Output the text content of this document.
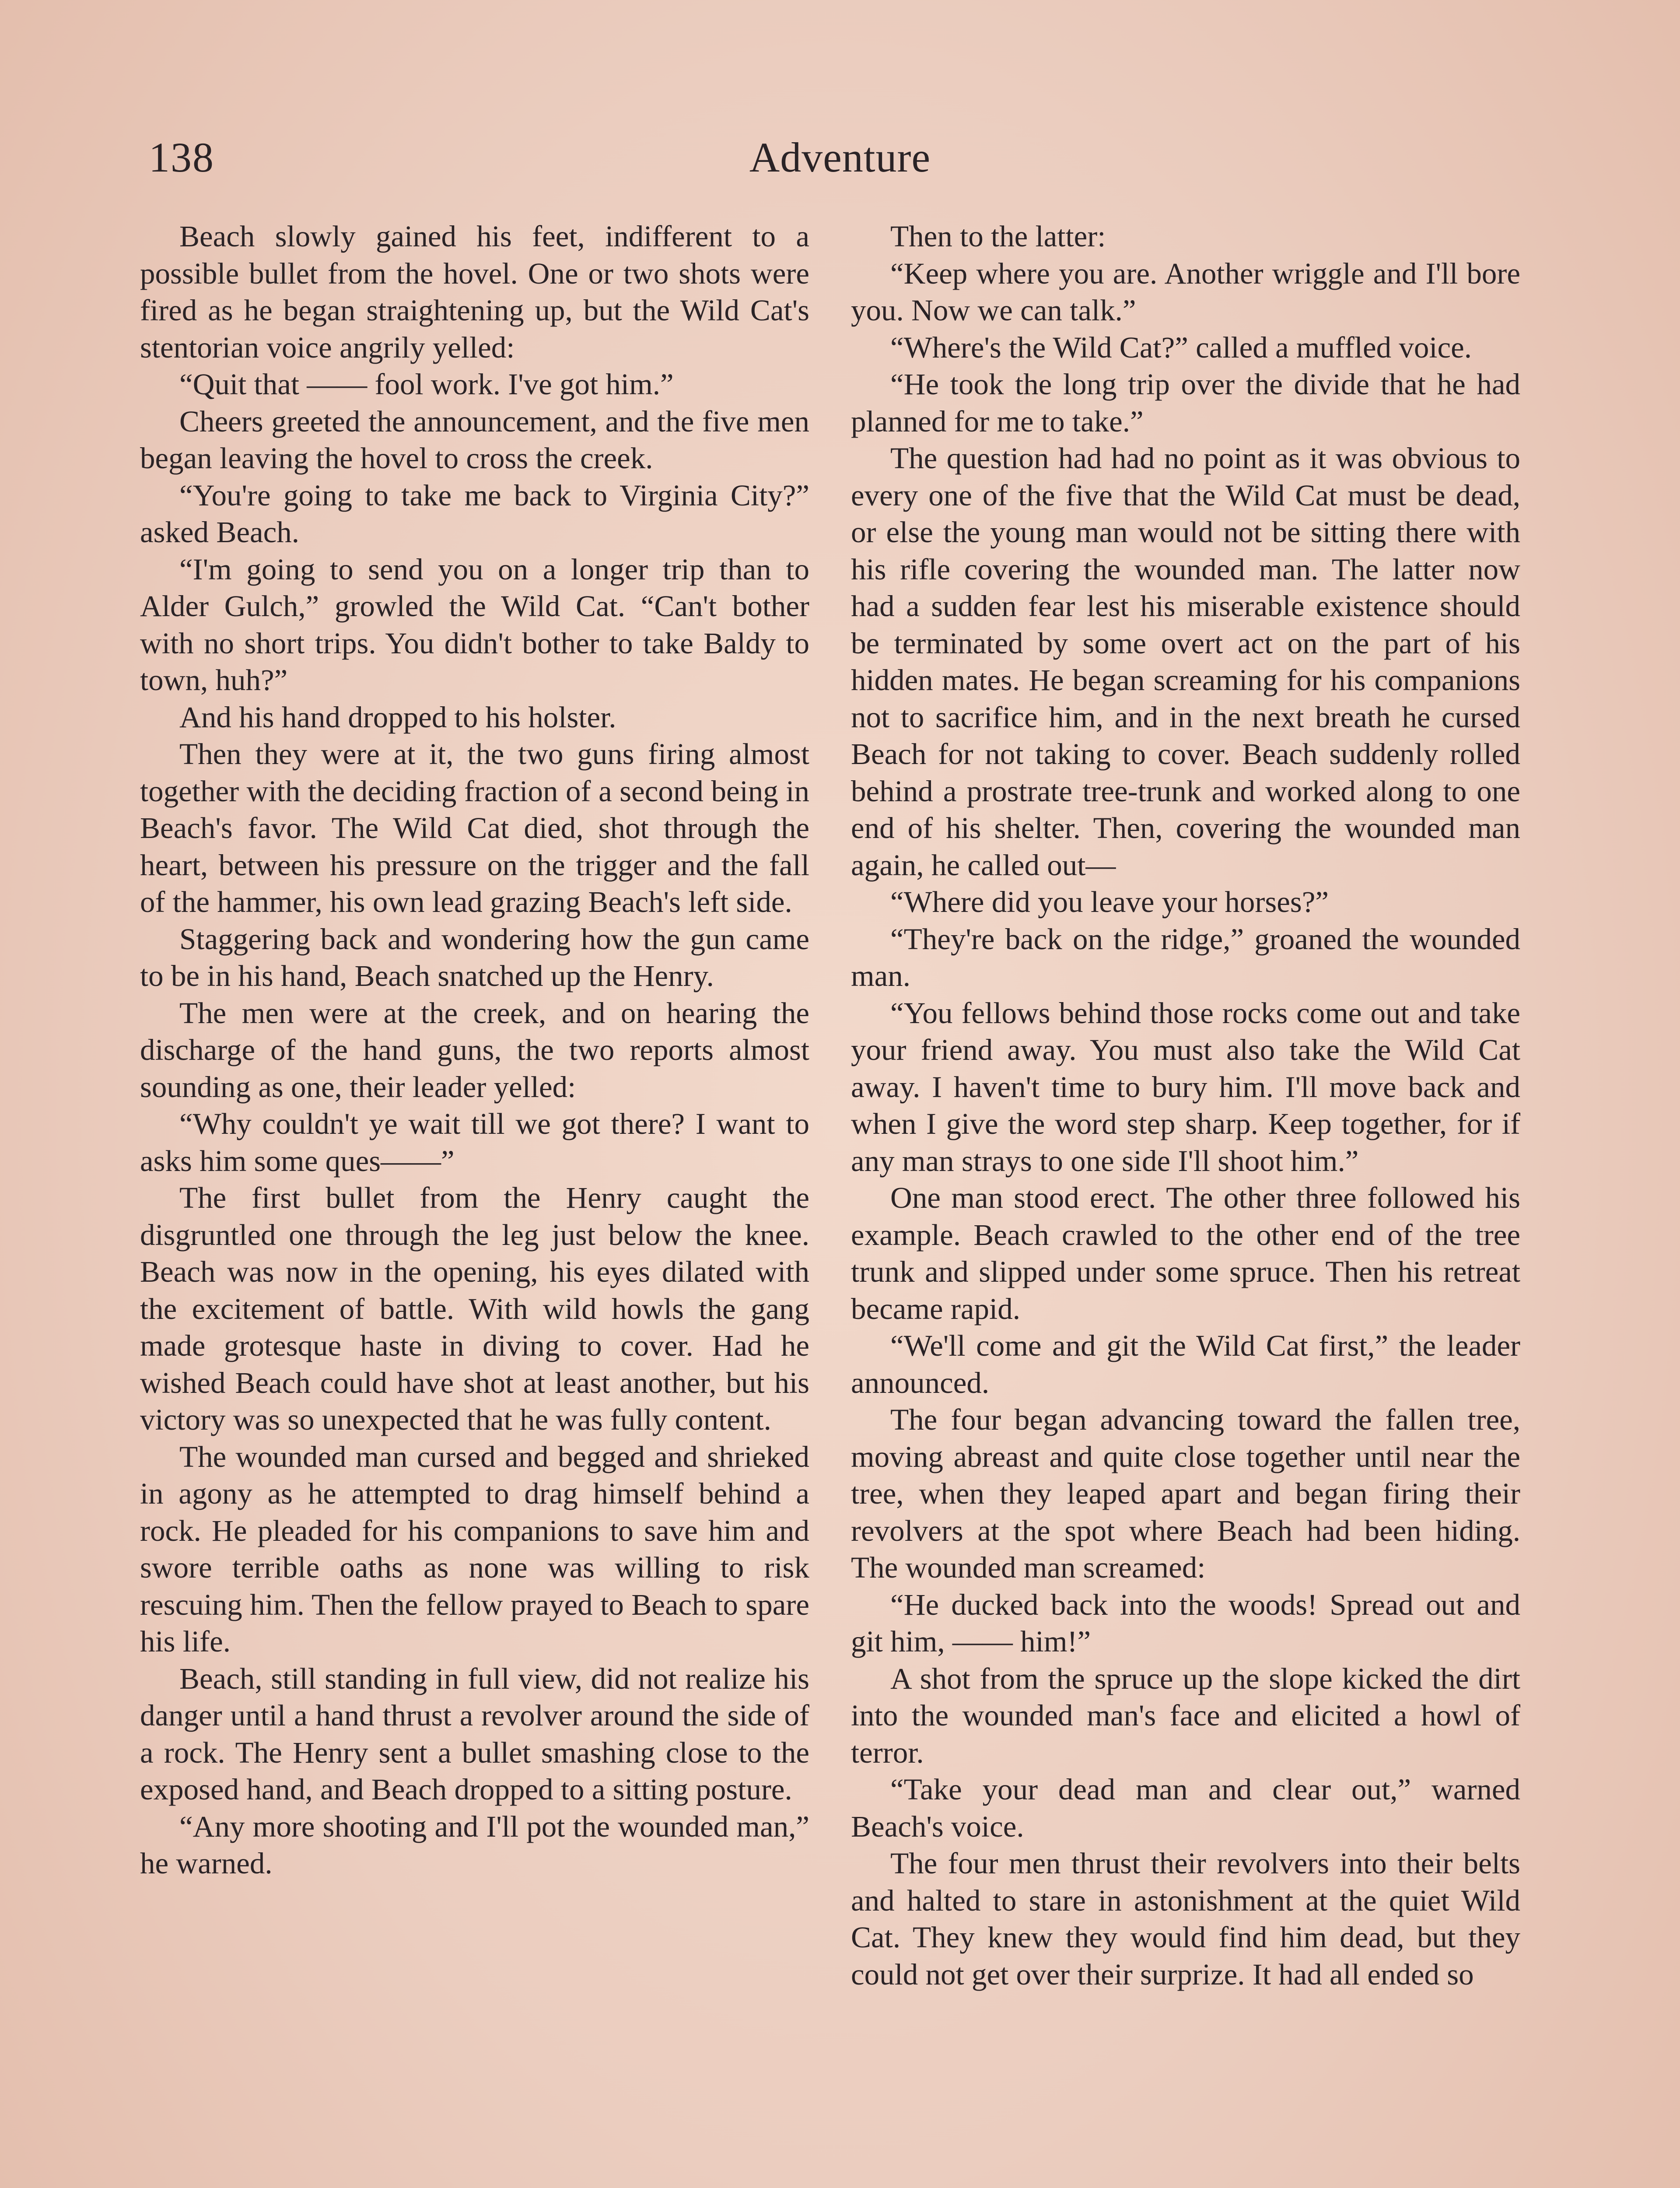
138	Adventure

Beach slowly gained his feet, indifferent to a possible bullet from the hovel. One or two shots were fired as he began straightening up, but the Wild Cat's stentorian voice angrily yelled:

“Quit that —— fool work. I've got him.”

Cheers greeted the announcement, and the five men began leaving the hovel to cross the creek.

“You're going to take me back to Virginia City?” asked Beach.

“I'm going to send you on a longer trip than to Alder Gulch,” growled the Wild Cat. “Can't bother with no short trips. You didn't bother to take Baldy to town, huh?”

And his hand dropped to his holster.

Then they were at it, the two guns firing almost together with the deciding fraction of a second being in Beach's favor. The Wild Cat died, shot through the heart, between his pressure on the trigger and the fall of the hammer, his own lead grazing Beach's left side.

Staggering back and wondering how the gun came to be in his hand, Beach snatched up the Henry.

The men were at the creek, and on hearing the discharge of the hand guns, the two reports almost sounding as one, their leader yelled:

“Why couldn't ye wait till we got there? I want to asks him some ques——”

The first bullet from the Henry caught the disgruntled one through the leg just below the knee. Beach was now in the opening, his eyes dilated with the excitement of battle. With wild howls the gang made grotesque haste in diving to cover. Had he wished Beach could have shot at least another, but his victory was so unexpected that he was fully content.

The wounded man cursed and begged and shrieked in agony as he attempted to drag himself behind a rock. He pleaded for his companions to save him and swore terrible oaths as none was willing to risk rescuing him. Then the fellow prayed to Beach to spare his life.

Beach, still standing in full view, did not realize his danger until a hand thrust a revolver around the side of a rock. The Henry sent a bullet smashing close to the exposed hand, and Beach dropped to a sitting posture.

“Any more shooting and I'll pot the wounded man,” he warned.

Then to the latter:

“Keep where you are. Another wriggle and I'll bore you. Now we can talk.”

“Where's the Wild Cat?” called a muffled voice.

“He took the long trip over the divide that he had planned for me to take.”

The question had had no point as it was obvious to every one of the five that the Wild Cat must be dead, or else the young man would not be sitting there with his rifle covering the wounded man. The latter now had a sudden fear lest his miserable existence should be terminated by some overt act on the part of his hidden mates. He began screaming for his companions not to sacrifice him, and in the next breath he cursed Beach for not taking to cover. Beach suddenly rolled behind a prostrate tree-trunk and worked along to one end of his shelter. Then, covering the wounded man again, he called out—

“Where did you leave your horses?”

“They're back on the ridge,” groaned the wounded man.

“You fellows behind those rocks come out and take your friend away. You must also take the Wild Cat away. I haven't time to bury him. I'll move back and when I give the word step sharp. Keep together, for if any man strays to one side I'll shoot him.”

One man stood erect. The other three followed his example. Beach crawled to the other end of the tree trunk and slipped under some spruce. Then his retreat became rapid.

“We'll come and git the Wild Cat first,” the leader announced.

The four began advancing toward the fallen tree, moving abreast and quite close together until near the tree, when they leaped apart and began firing their revolvers at the spot where Beach had been hiding. The wounded man screamed:

“He ducked back into the woods! Spread out and git him, —— him!”

A shot from the spruce up the slope kicked the dirt into the wounded man's face and elicited a howl of terror.

“Take your dead man and clear out,” warned Beach's voice.

The four men thrust their revolvers into their belts and halted to stare in astonishment at the quiet Wild Cat. They knew they would find him dead, but they could not get over their surprize. It had all ended so
